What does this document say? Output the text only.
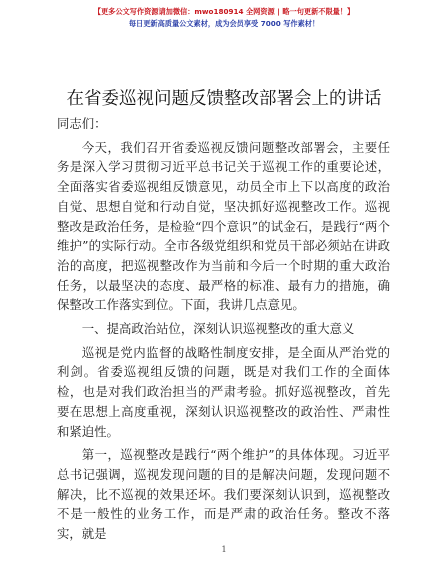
【更多公文写作资源请加微信：mwo180914 全网资源 | 略一句更新不限量！】
每日更新高质量公文素材，成为会员享受 7000 写作素材！
在省委巡视问题反馈整改部署会上的讲话

同志们：

今天，我们召开省委巡视反馈问题整改部署会，主要任务是深入学习贯彻习近平总书记关于巡视工作的重要论述，全面落实省委巡视组反馈意见，动员全市上下以高度的政治自觉、思想自觉和行动自觉，坚决抓好巡视整改工作。巡视整改是政治任务，是检验“四个意识”的试金石，是践行“两个维护”的实际行动。全市各级党组织和党员干部必须站在讲政治的高度，把巡视整改作为当前和今后一个时期的重大政治任务，以最坚决的态度、最严格的标准、最有力的措施，确保整改工作落实到位。下面，我讲几点意见。

一、提高政治站位，深刻认识巡视整改的重大意义

巡视是党内监督的战略性制度安排，是全面从严治党的利剑。省委巡视组反馈的问题，既是对我们工作的全面体检，也是对我们政治担当的严肃考验。抓好巡视整改，首先要在思想上高度重视，深刻认识巡视整改的政治性、严肃性和紧迫性。

第一，巡视整改是践行“两个维护”的具体体现。习近平总书记强调，巡视发现问题的目的是解决问题，发现问题不解决，比不巡视的效果还坏。我们要深刻认识到，巡视整改不是一般性的业务工作，而是严肃的政治任务。整改不落实，就是

1
